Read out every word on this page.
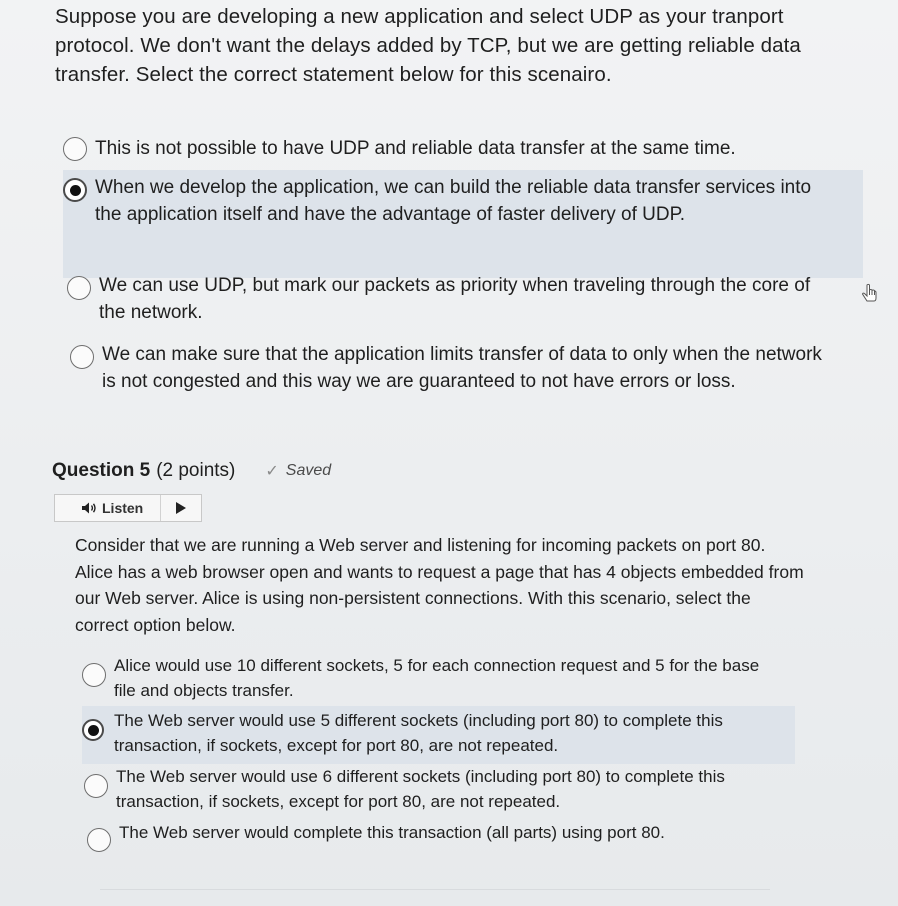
Suppose you are developing a new application and select UDP as your tranport protocol. We don't want the delays added by TCP, but we are getting reliable data transfer. Select the correct statement below for this scenairo.
This is not possible to have UDP and reliable data transfer at the same time.
When we develop the application, we can build the reliable data transfer services into the application itself and have the advantage of faster delivery of UDP.
We can use UDP, but mark our packets as priority when traveling through the core of the network.
We can make sure that the application limits transfer of data to only when the network is not congested and this way we are guaranteed to not have errors or loss.
Question 5 (2 points) ✓ Saved
Listen
Consider that we are running a Web server and listening for incoming packets on port 80. Alice has a web browser open and wants to request a page that has 4 objects embedded from our Web server. Alice is using non-persistent connections. With this scenario, select the correct option below.
Alice would use 10 different sockets, 5 for each connection request and 5 for the base file and objects transfer.
The Web server would use 5 different sockets (including port 80) to complete this transaction, if sockets, except for port 80, are not repeated.
The Web server would use 6 different sockets (including port 80) to complete this transaction, if sockets, except for port 80, are not repeated.
The Web server would complete this transaction (all parts) using port 80.
